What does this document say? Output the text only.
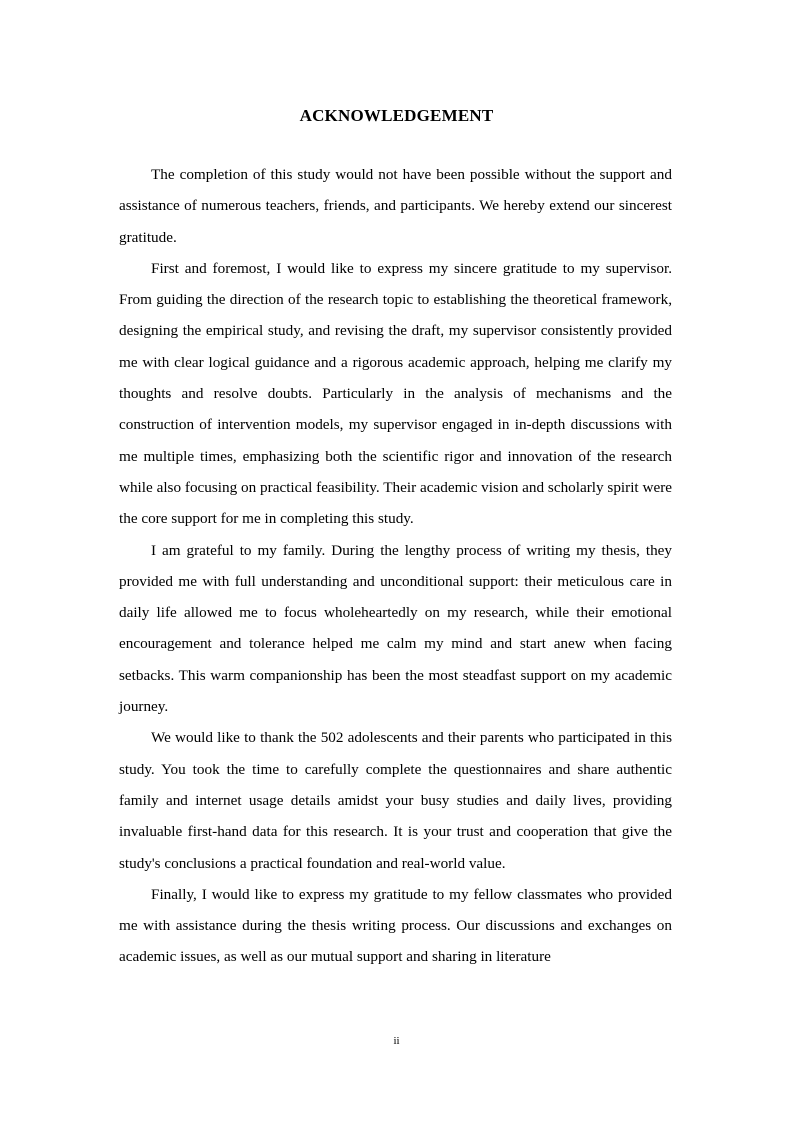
ACKNOWLEDGEMENT

The completion of this study would not have been possible without the support and assistance of numerous teachers, friends, and participants. We hereby extend our sincerest gratitude.

First and foremost, I would like to express my sincere gratitude to my supervisor. From guiding the direction of the research topic to establishing the theoretical framework, designing the empirical study, and revising the draft, my supervisor consistently provided me with clear logical guidance and a rigorous academic approach, helping me clarify my thoughts and resolve doubts. Particularly in the analysis of mechanisms and the construction of intervention models, my supervisor engaged in in-depth discussions with me multiple times, emphasizing both the scientific rigor and innovation of the research while also focusing on practical feasibility. Their academic vision and scholarly spirit were the core support for me in completing this study.

I am grateful to my family. During the lengthy process of writing my thesis, they provided me with full understanding and unconditional support: their meticulous care in daily life allowed me to focus wholeheartedly on my research, while their emotional encouragement and tolerance helped me calm my mind and start anew when facing setbacks. This warm companionship has been the most steadfast support on my academic journey.

We would like to thank the 502 adolescents and their parents who participated in this study. You took the time to carefully complete the questionnaires and share authentic family and internet usage details amidst your busy studies and daily lives, providing invaluable first-hand data for this research. It is your trust and cooperation that give the study's conclusions a practical foundation and real-world value.

Finally, I would like to express my gratitude to my fellow classmates who provided me with assistance during the thesis writing process. Our discussions and exchanges on academic issues, as well as our mutual support and sharing in literature

ii
